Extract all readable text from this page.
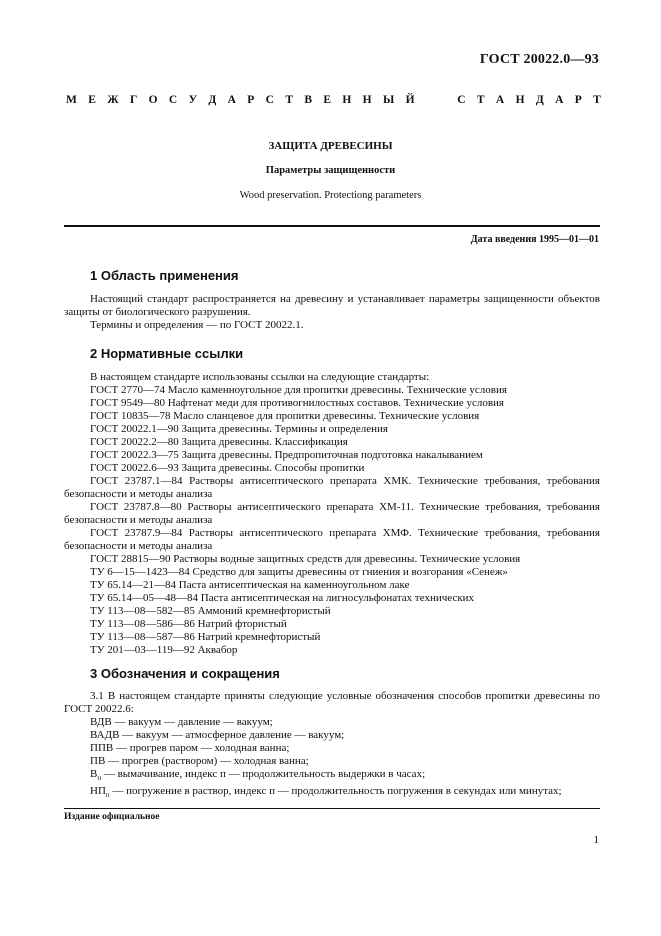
ГОСТ 20022.0—93
М Е Ж Г О С У Д А Р С Т В Е Н Н Ы Й	С Т А Н Д А Р Т
ЗАЩИТА ДРЕВЕСИНЫ
Параметры защищенности
Wood preservation. Protectiong parameters
Дата введения 1995—01—01
1 Область применения
Настоящий стандарт распространяется на древесину и устанавливает параметры защищенности объектов защиты от биологического разрушения.
Термины и определения — по ГОСТ 20022.1.
2 Нормативные ссылки
В настоящем стандарте использованы ссылки на следующие стандарты:
ГОСТ 2770—74 Масло каменноугольное для пропитки древесины. Технические условия
ГОСТ 9549—80 Нафтенат меди для противогнилостных составов. Технические условия
ГОСТ 10835—78 Масло сланцевое для пропитки древесины. Технические условия
ГОСТ 20022.1—90 Защита древесины. Термины и определения
ГОСТ 20022.2—80 Защита древесины. Классификация
ГОСТ 20022.3—75 Защита древесины. Предпропиточная подготовка накалыванием
ГОСТ 20022.6—93 Защита древесины. Способы пропитки
ГОСТ 23787.1—84 Растворы антисептического препарата ХМК. Технические требования, требования безопасности и методы анализа
ГОСТ 23787.8—80 Растворы антисептического препарата ХМ-11. Технические требования, требования безопасности и методы анализа
ГОСТ 23787.9—84 Растворы антисептического препарата ХМФ. Технические требования, требования безопасности и методы анализа
ГОСТ 28815—90 Растворы водные защитных средств для древесины. Технические условия
ТУ 6—15—1423—84 Средство для защиты древесины от гниения и возгорания «Сенеж»
ТУ 65.14—21—84 Паста антисептическая на каменноугольном лаке
ТУ 65.14—05—48—84 Паста антисептическая на лигносульфонатах технических
ТУ 113—08—582—85 Аммоний кремнефтористый
ТУ 113—08—586—86 Натрий фтористый
ТУ 113—08—587—86 Натрий кремнефтористый
ТУ 201—03—119—92 Аквабор
3 Обозначения и сокращения
3.1 В настоящем стандарте приняты следующие условные обозначения способов пропитки древесины по ГОСТ 20022.6:
ВДВ — вакуум — давление — вакуум;
ВАДВ — вакуум — атмосферное давление — вакуум;
ППВ — прогрев паром — холодная ванна;
ПВ — прогрев (раствором) — холодная ванна;
$В_п$ — вымачивание, индекс п — продолжительность выдержки в часах;
$НП_п$ — погружение в раствор, индекс п — продолжительность погружения в секундах или минутах;
Издание официальное
1
